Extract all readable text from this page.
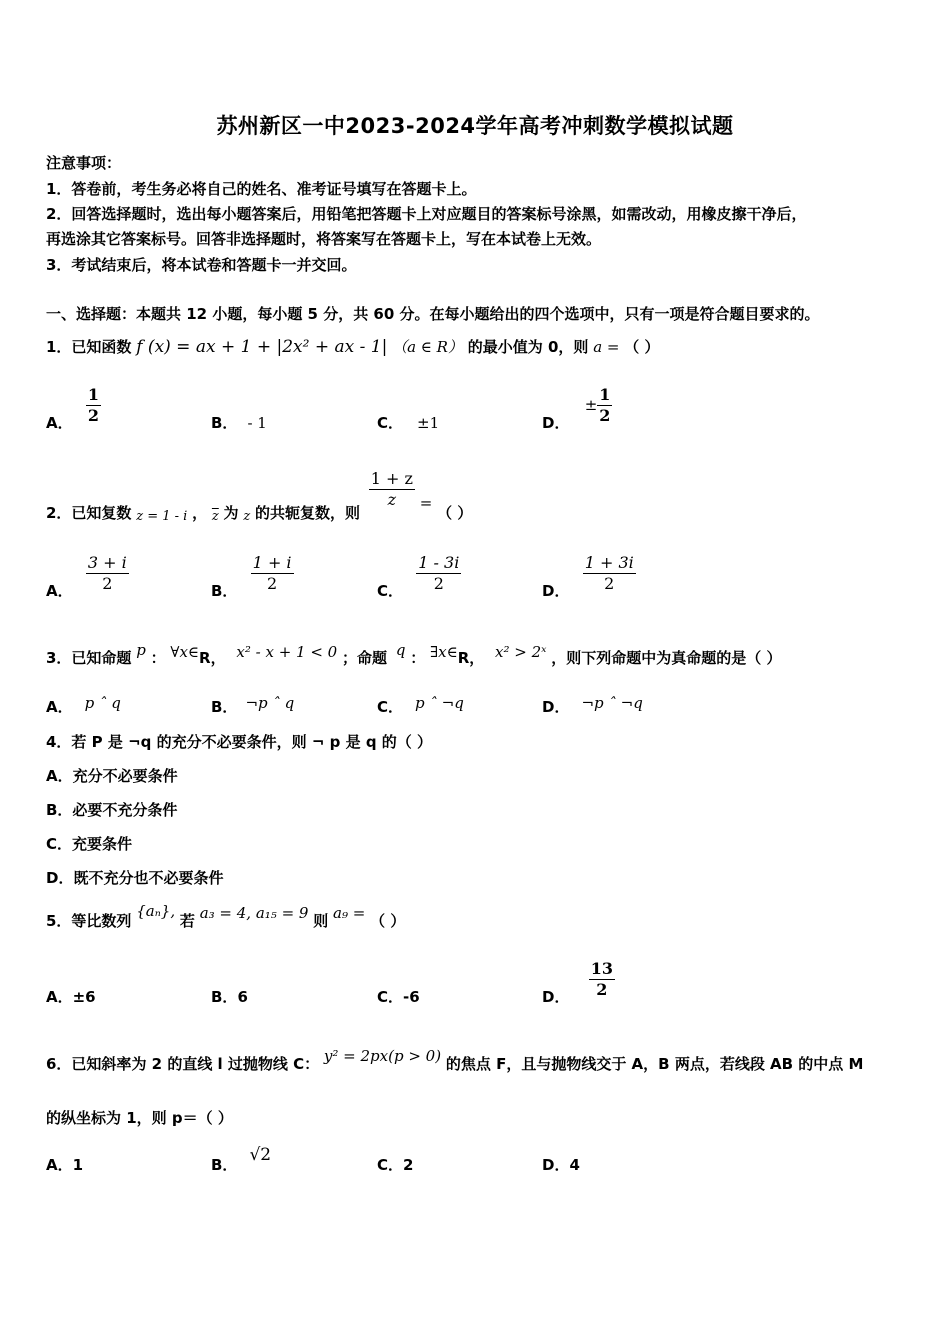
苏州新区一中2023-2024学年高考冲刺数学模拟试题
注意事项：
1．答卷前，考生务必将自己的姓名、准考证号填写在答题卡上。
2．回答选择题时，选出每小题答案后，用铅笔把答题卡上对应题目的答案标号涂黑，如需改动，用橡皮擦干净后，
再选涂其它答案标号。回答非选择题时，将答案写在答题卡上，写在本试卷上无效。
3．考试结束后，将本试卷和答题卡一并交回。
一、选择题：本题共 12 小题，每小题 5 分，共 60 分。在每小题给出的四个选项中，只有一项是符合题目要求的。
1．已知函数 f (x) = ax + 1 + |2x² + ax - 1| （a ∈ R） 的最小值为 0，则 a = （ ）
A． $\frac{1}{2}$	B． - 1	C． ±1	D． ± $\frac{1}{2}$
2．已知复数 z = 1 - i ， $\overline{z}$ 为 z 的共轭复数，则
$\frac{1 + z}{z}$ = （ ）
A． $\frac{3 + i}{2}$	B． $\frac{1 + i}{2}$	C． $\frac{1 - 3i}{2}$	D． $\frac{1 + 3i}{2}$
3．已知命题 p ： ∀x∈R， x² - x + 1 < 0 ；命题 q ： ∃x∈R， x² > 2ˣ ，则下列命题中为真命题的是（ ）
A． p ˆ q	B． ¬p ˆ q	C． p ˆ ¬q	D． ¬p ˆ ¬q
4．若 P 是 ¬q 的充分不必要条件，则 ¬ p 是 q 的（ ）
A．充分不必要条件
B．必要不充分条件
C．充要条件
D．既不充分也不必要条件
5．等比数列 {aₙ}, 若 a₃ = 4, a₁₅ = 9 则 a₉ = （ ）
A．±6	B．6	C．-6	D． $\frac{13}{2}$
6．已知斜率为 2 的直线 l 过抛物线 C： y² = 2px(p > 0) 的焦点 F，且与抛物线交于 A，B 两点，若线段 AB 的中点 M
的纵坐标为 1，则 p＝（ ）
A．1	B． √2	C．2	D．4
